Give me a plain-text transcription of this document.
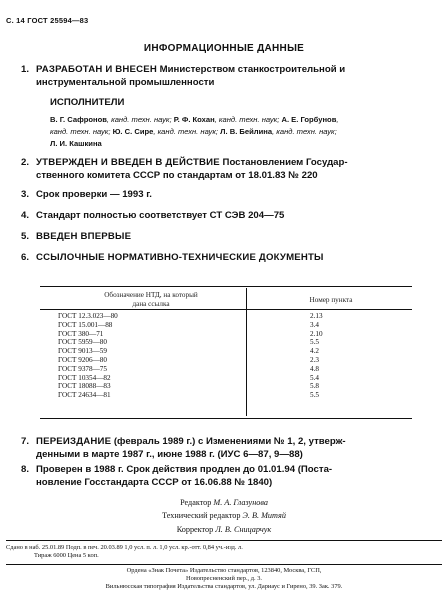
С. 14 ГОСТ 25594—83
ИНФОРМАЦИОННЫЕ ДАННЫЕ
1. РАЗРАБОТАН И ВНЕСЕН Министерством станкостроительной и
инструментальной промышленности
ИСПОЛНИТЕЛИ
В. Г. Сафронов, канд. техн. наук; Р. Ф. Кохан, канд. техн. наук; А. Е. Горбунов,
канд. техн. наук; Ю. С. Сире, канд. техн. наук; Л. В. Бейлина, канд. техн. наук;
Л. И. Кашкина
2. УТВЕРЖДЕН И ВВЕДЕН В ДЕЙСТВИЕ Постановлением Государ-
ственного комитета СССР по стандартам от 18.01.83 № 220
3. Срок проверки — 1993 г.
4. Стандарт полностью соответствует СТ СЭВ 204—75
5. ВВЕДЕН ВПЕРВЫЕ
6. ССЫЛОЧНЫЕ НОРМАТИВНО-ТЕХНИЧЕСКИЕ ДОКУМЕНТЫ
Обозначение НТД, на который
дана ссылка	Номер пункта
ГОСТ 12.3.023—80
ГОСТ 15.001—88
ГОСТ 380—71
ГОСТ 5959—80
ГОСТ 9013—59
ГОСТ 9206—80
ГОСТ 9378—75
ГОСТ 10354—82
ГОСТ 18088—83
ГОСТ 24634—81
2.13
3.4
2.10
5.5
4.2
2.3
4.8
5.4
5.8
5.5
7. ПЕРЕИЗДАНИЕ (февраль 1989 г.) с Изменениями № 1, 2, утверж-
денными в марте 1987 г., июне 1988 г. (ИУС 6—87, 9—88)
8. Проверен в 1988 г. Срок действия продлен до 01.01.94 (Поста-
новление Госстандарта СССР от 16.06.88 № 1840)
Редактор М. А. Глазунова
Технический редактор Э. В. Митяй
Корректор Л. В. Сницарчук
Сдано в наб. 25.01.89 Подп. в печ. 20.03.89 1,0 усл. п. л. 1,0 усл. кр.-отт. 0,84 уч.-изд. л.
Тираж 6000 Цена 5 коп.
Ордена «Знак Почета» Издательство стандартов, 123840, Москва, ГСП,
Новопресненский пер., д. 3.
Вильнюсская типография Издательства стандартов, ул. Дариаус и Гирено, 39. Зак. 379.
